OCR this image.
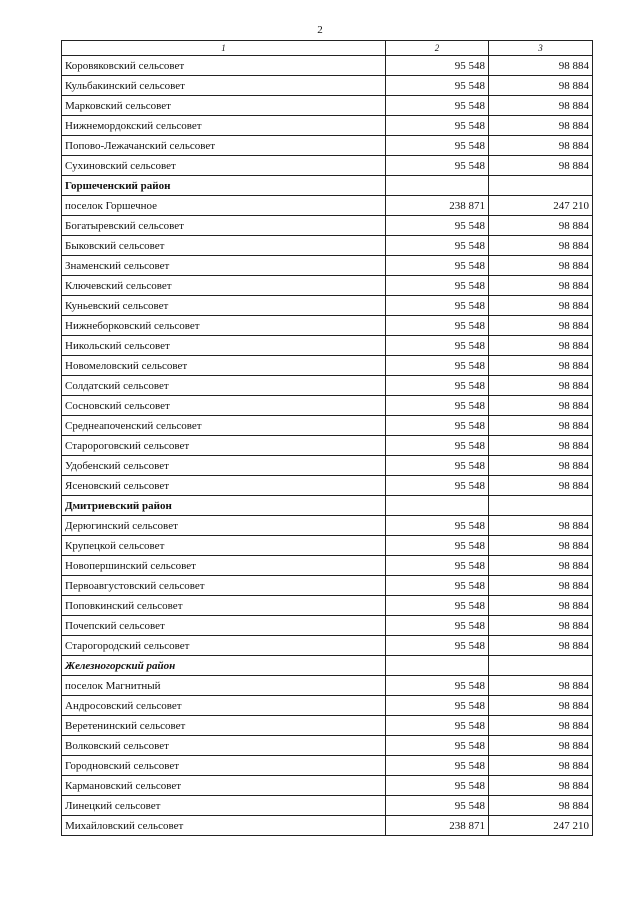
2
1	2	3
Коровяковский сельсовет	95 548	98 884
Кульбакинский сельсовет	95 548	98 884
Марковский сельсовет	95 548	98 884
Нижнемордокский сельсовет	95 548	98 884
Попово-Лежачанский сельсовет	95 548	98 884
Сухиновский сельсовет	95 548	98 884
Горшеченский район		
поселок Горшечное	238 871	247 210
Богатыревский сельсовет	95 548	98 884
Быковский сельсовет	95 548	98 884
Знаменский сельсовет	95 548	98 884
Ключевский сельсовет	95 548	98 884
Куньевский сельсовет	95 548	98 884
Нижнеборковский сельсовет	95 548	98 884
Никольский сельсовет	95 548	98 884
Новомеловский сельсовет	95 548	98 884
Солдатский сельсовет	95 548	98 884
Сосновский сельсовет	95 548	98 884
Среднеапоченский сельсовет	95 548	98 884
Старороговский сельсовет	95 548	98 884
Удобенский сельсовет	95 548	98 884
Ясеновский сельсовет	95 548	98 884
Дмитриевский район		
Дерюгинский сельсовет	95 548	98 884
Крупецкой сельсовет	95 548	98 884
Новопершинский сельсовет	95 548	98 884
Первоавгустовский сельсовет	95 548	98 884
Поповкинский сельсовет	95 548	98 884
Почепский сельсовет	95 548	98 884
Старогородский сельсовет	95 548	98 884
Железногорский район		
поселок Магнитный	95 548	98 884
Андросовский сельсовет	95 548	98 884
Веретенинский сельсовет	95 548	98 884
Волковский сельсовет	95 548	98 884
Городновский сельсовет	95 548	98 884
Кармановский сельсовет	95 548	98 884
Линецкий сельсовет	95 548	98 884
Михайловский сельсовет	238 871	247 210
